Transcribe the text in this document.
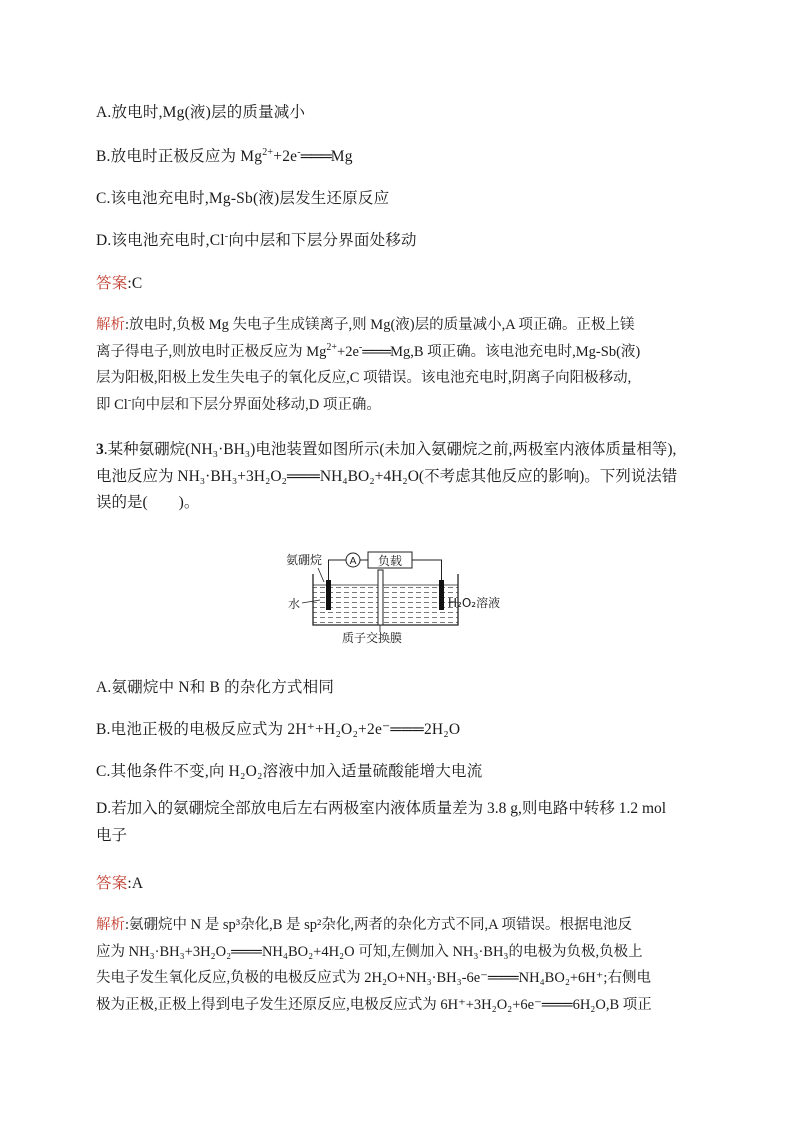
A.放电时,Mg(液)层的质量减小
B.放电时正极反应为 $Mg^{2+}+2e^-═══Mg$
C.该电池充电时,Mg-Sb(液)层发生还原反应
D.该电池充电时,Cl-向中层和下层分界面处移动
答案:C
解析:放电时,负极 Mg 失电子生成镁离子,则 Mg(液)层的质量减小,A 项正确。正极上镁
离子得电子,则放电时正极反应为 $Mg^{2+}+2e^-═══Mg,B$ 项正确。该电池充电时,Mg-Sb(液)
层为阳极,阳极上发生失电子的氧化反应,C 项错误。该电池充电时,阴离子向阳极移动,
即 Cl-向中层和下层分界面处移动,D 项正确。
3.某种氨硼烷(NH₃·BH₃)电池装置如图所示(未加入氨硼烷之前,两极室内液体质量相等),
电池反应为 NH₃·BH₃+3H₂O₂═══NH₄BO₂+4H₂O(不考虑其他反应的影响)。下列说法错
误的是(　　)。
A 负载
氨硼烷
水	H₂O₂溶液
质子交换膜
A.氨硼烷中 N和 B 的杂化方式相同
B.电池正极的电极反应式为 2H⁺+H₂O₂+2e⁻═══2H₂O
C.其他条件不变,向 H₂O₂溶液中加入适量硫酸能增大电流
D.若加入的氨硼烷全部放电后左右两极室内液体质量差为 3.8 g,则电路中转移 1.2 mol
电子
答案:A
解析:氨硼烷中 N 是 sp³杂化,B 是 sp²杂化,两者的杂化方式不同,A 项错误。根据电池反
应为 NH₃·BH₃+3H₂O₂═══NH₄BO₂+4H₂O 可知,左侧加入 NH₃·BH₃的电极为负极,负极上
失电子发生氧化反应,负极的电极反应式为 2H₂O+NH₃·BH₃-6e⁻═══NH₄BO₂+6H⁺;右侧电
极为正极,正极上得到电子发生还原反应,电极反应式为 6H⁺+3H₂O₂+6e⁻═══6H₂O,B 项正
